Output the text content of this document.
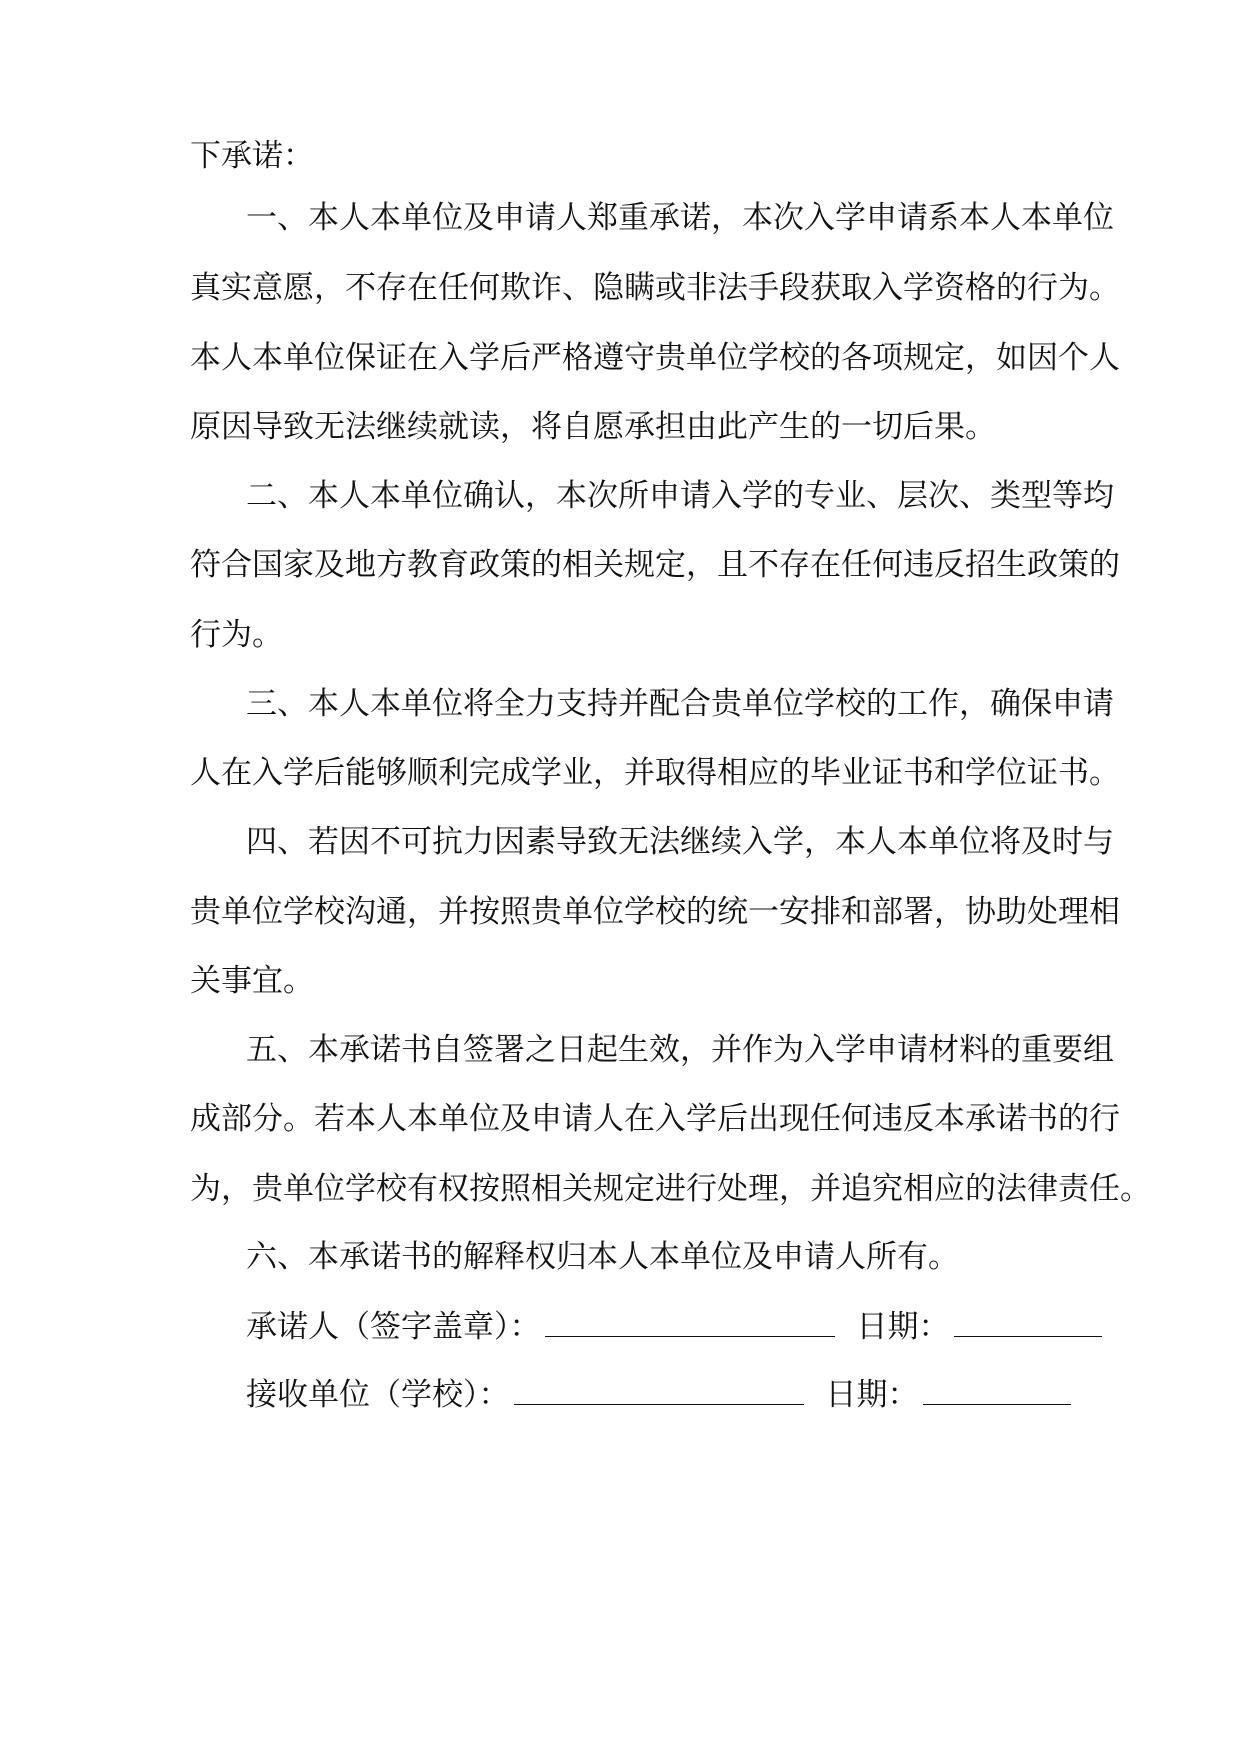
下承诺：
一、本人本单位及申请人郑重承诺，本次入学申请系本人本单位
真实意愿，不存在任何欺诈、隐瞒或非法手段获取入学资格的行为。
本人本单位保证在入学后严格遵守贵单位学校的各项规定，如因个人
原因导致无法继续就读，将自愿承担由此产生的一切后果。
二、本人本单位确认，本次所申请入学的专业、层次、类型等均
符合国家及地方教育政策的相关规定，且不存在任何违反招生政策的
行为。
三、本人本单位将全力支持并配合贵单位学校的工作，确保申请
人在入学后能够顺利完成学业，并取得相应的毕业证书和学位证书。
四、若因不可抗力因素导致无法继续入学，本人本单位将及时与
贵单位学校沟通，并按照贵单位学校的统一安排和部署，协助处理相
关事宜。
五、本承诺书自签署之日起生效，并作为入学申请材料的重要组
成部分。若本人本单位及申请人在入学后出现任何违反本承诺书的行
为，贵单位学校有权按照相关规定进行处理，并追究相应的法律责任。
六、本承诺书的解释权归本人本单位及申请人所有。
承诺人（签字盖章）：	日期：
接收单位（学校）：	日期：
